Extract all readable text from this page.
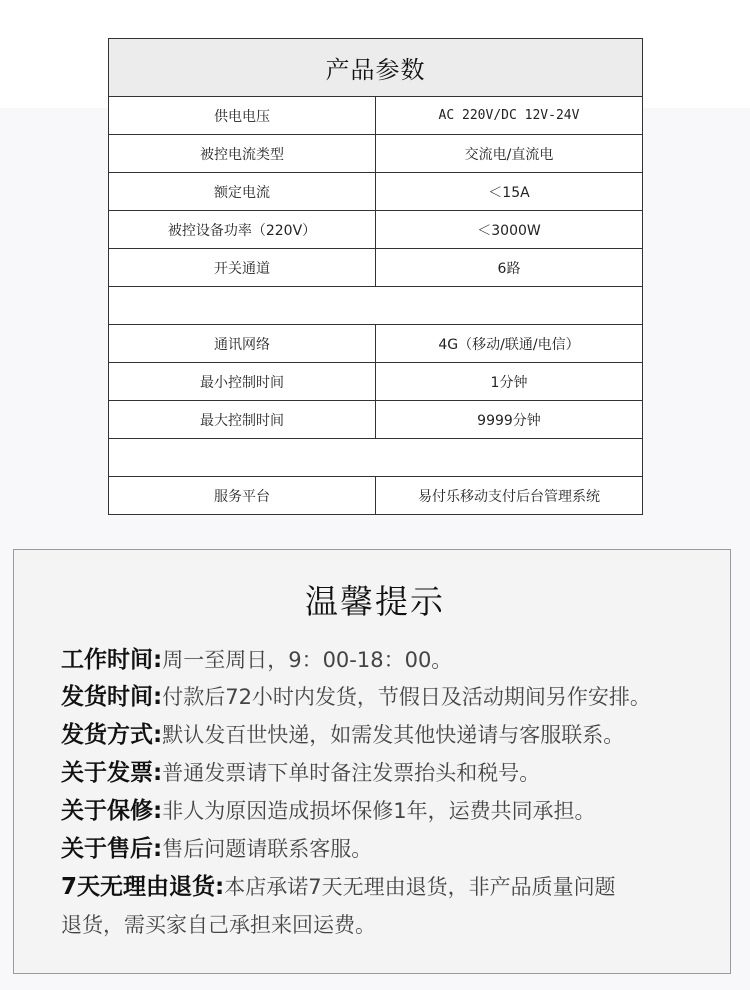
产品参数	
供电电压	AC 220V/DC 12V-24V
被控电流类型	交流电/直流电
额定电流	＜15A
被控设备功率（220V）	＜3000W
开关通道	6路

通讯网络	4G（移动/联通/电信）
最小控制时间	1分钟
最大控制时间	9999分钟

服务平台	易付乐移动支付后台管理系统
温馨提示
工作时间:周一至周日，9：00-18：00。
发货时间:付款后72小时内发货，节假日及活动期间另作安排。
发货方式:默认发百世快递，如需发其他快递请与客服联系。
关于发票:普通发票请下单时备注发票抬头和税号。
关于保修:非人为原因造成损坏保修1年，运费共同承担。
关于售后:售后问题请联系客服。
7天无理由退货:本店承诺7天无理由退货，非产品质量问题
退货，需买家自己承担来回运费。
